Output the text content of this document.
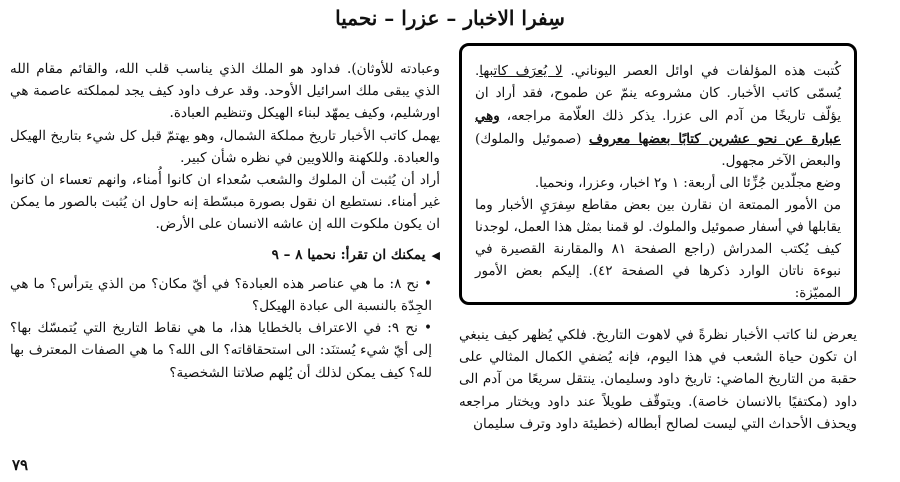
سِفرا الاخبار – عزرا – نحميا

كُتبت هذه المؤلفات في اوائل العصر اليوناني. لا يُعرَف كاتبها. يُسمّى كاتب الأخبار. كان مشروعه ينمّ عن طموح، فقد أراد ان يؤلّف تاريخًا من آدم الى عزرا. يذكر ذلك العلّامة مراجعه، وهي عبارة عن نحو عشرين كتابًا بعضها معروف (صموئيل والملوك) والبعض الآخر مجهول.

وضع مجلّدين جُزِّئا الى أربعة: ١ و٢ اخبار، وعزرا، ونحميا.

من الأمور الممتعة ان نقارن بين بعض مقاطع سِفرَيِ الأخبار وما يقابلها في أسفار صموئيل والملوك. لو قمنا بمثل هذا العمل، لوجدنا كيف يُكتب المدراش (راجع الصفحة ٨١ والمقارنة القصيرة في نبوءة ناتان الوارد ذكرها في الصفحة ٤٢). إليكم بعض الأمور المميّزة:

يعرض لنا كاتب الأخبار نظرةً في لاهوت التاريخ. فلكي يُظهر كيف ينبغي ان تكون حياة الشعب في هذا اليوم، فإنه يُضفي الكمال المثالي على حقبة من التاريخ الماضي: تاريخ داود وسليمان. ينتقل سريعًا من آدم الى داود (مكتفيًا بالانسان خاصة). ويتوقّف طويلاً عند داود ويختار مراجعه ويحذف الأحداث التي ليست لصالح أبطاله (خطيئة داود وترف سليمان

وعبادته للأوثان). فداود هو الملك الذي يناسب قلب الله، والقائم مقام الله الذي يبقى ملك اسرائيل الأوحد. وقد عرف داود كيف يجد لمملكته عاصمة هي اورشليم، وكيف يمهّد لبناء الهيكل وتنظيم العبادة.

يهمل كاتب الأخبار تاريخ مملكة الشمال، وهو يهتمّ قبل كل شيء بتاريخ الهيكل والعبادة. وللكهنة واللاويين في نظره شأن كبير.

أراد أن يُثبت أن الملوك والشعب سُعداء ان كانوا أُمناء، وانهم تعساء ان كانوا غير أمناء. نستطيع ان نقول بصورة مبسّطة إنه حاول ان يُثبت بالصور ما يمكن ان يكون ملكوت الله إن عاشه الانسان على الأرض.

◀يمكنك ان تقرأ: نحميا ٨ – ٩

• نح ٨: ما هي عناصر هذه العبادة؟ في أيّ مكان؟ من الذي يترأس؟ ما هي الجِدّة بالنسبة الى عبادة الهيكل؟

• نح ٩: في الاعتراف بالخطايا هذا، ما هي نقاط التاريخ التي يُتمسّك بها؟ إلى أيّ شيء يُستنَد: الى استحقاقاته؟ الى الله؟ ما هي الصفات المعترف بها لله؟ كيف يمكن لذلك أن يُلهم صلاتنا الشخصية؟

٧٩
